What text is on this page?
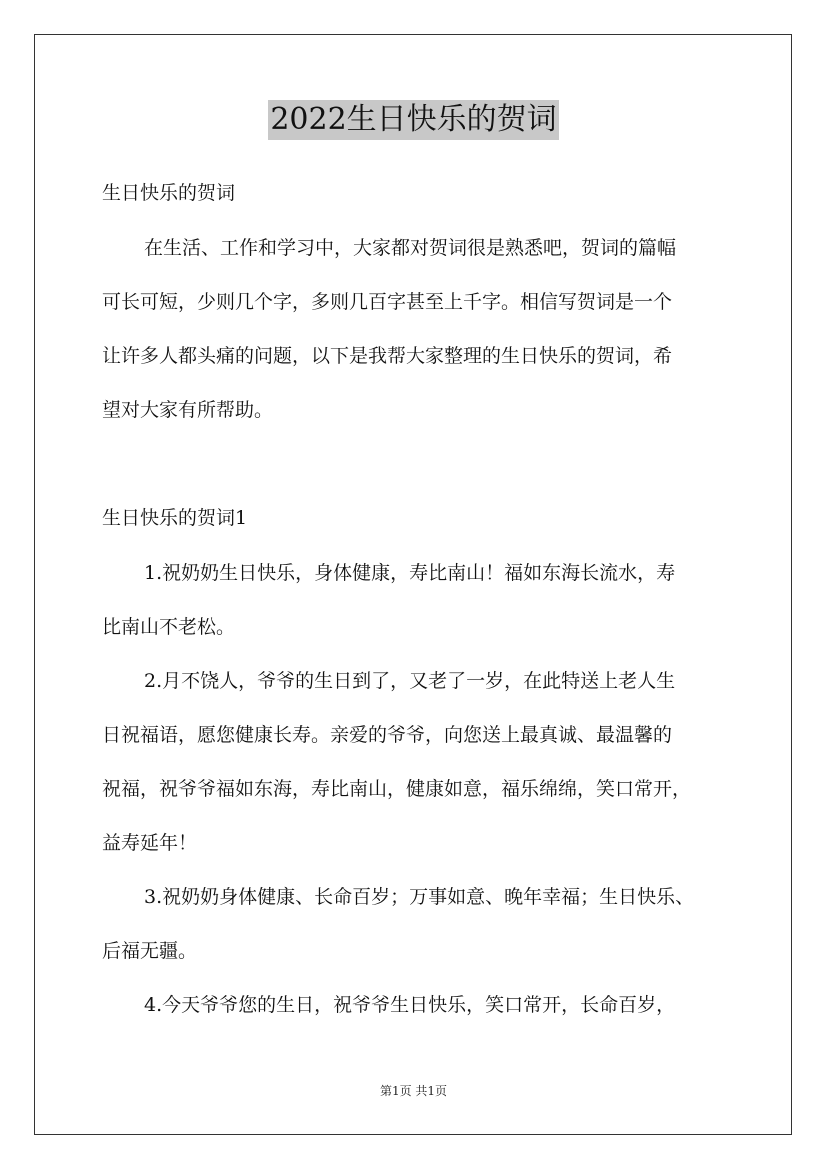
2022生日快乐的贺词
生日快乐的贺词
在生活、工作和学习中，大家都对贺词很是熟悉吧，贺词的篇幅
可长可短，少则几个字，多则几百字甚至上千字。相信写贺词是一个
让许多人都头痛的问题，以下是我帮大家整理的生日快乐的贺词，希
望对大家有所帮助。
生日快乐的贺词1
1.祝奶奶生日快乐，身体健康，寿比南山！福如东海长流水，寿
比南山不老松。
2.月不饶人，爷爷的生日到了，又老了一岁，在此特送上老人生
日祝福语，愿您健康长寿。亲爱的爷爷，向您送上最真诚、最温馨的
祝福，祝爷爷福如东海，寿比南山，健康如意，福乐绵绵，笑口常开，
益寿延年！
3.祝奶奶身体健康、长命百岁；万事如意、晚年幸福；生日快乐、
后福无疆。
4.今天爷爷您的生日，祝爷爷生日快乐，笑口常开，长命百岁，
第1页 共1页
